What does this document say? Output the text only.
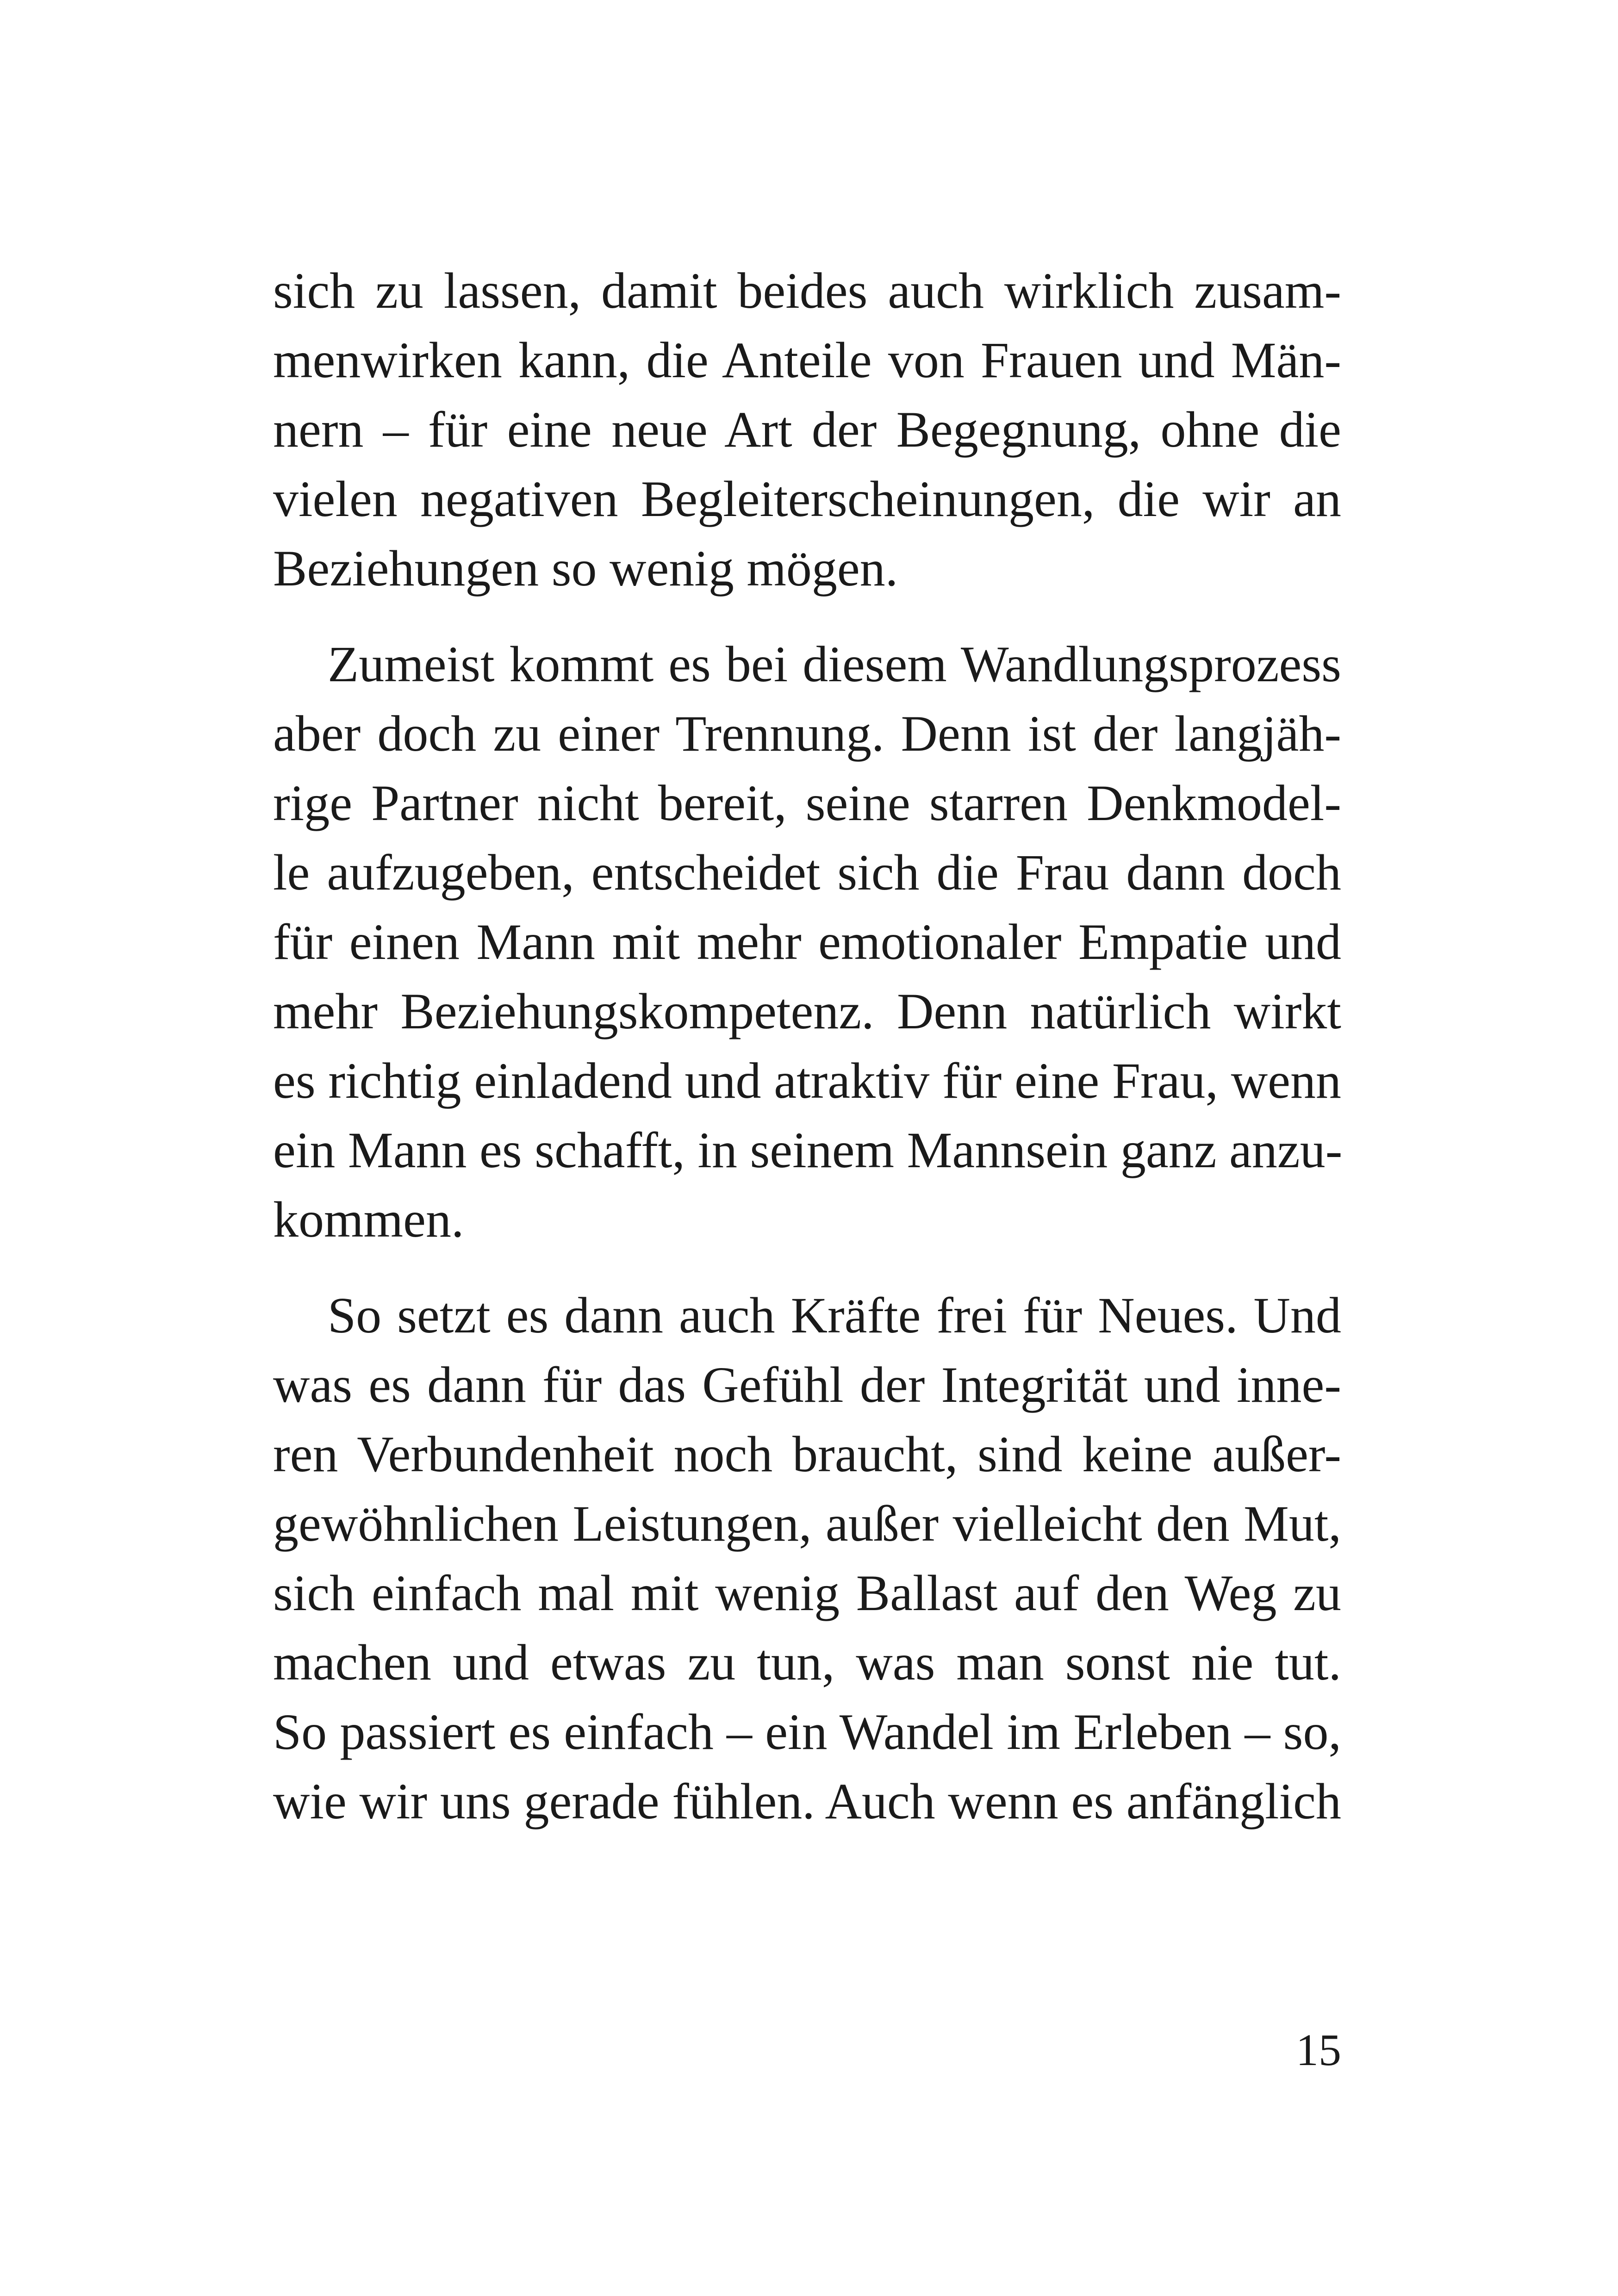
sich zu lassen, damit beides auch wirklich zusam-
menwirken kann, die Anteile von Frauen und Män-
nern – für eine neue Art der Begegnung, ohne die
vielen negativen Begleiterscheinungen, die wir an
Beziehungen so wenig mögen.

Zumeist kommt es bei diesem Wandlungsprozess
aber doch zu einer Trennung. Denn ist der langjäh-
rige Partner nicht bereit, seine starren Denkmodel-
le aufzugeben, entscheidet sich die Frau dann doch
für einen Mann mit mehr emotionaler Empatie und
mehr Beziehungskompetenz. Denn natürlich wirkt
es richtig einladend und atraktiv für eine Frau, wenn
ein Mann es schafft, in seinem Mannsein ganz anzu-
kommen.

So setzt es dann auch Kräfte frei für Neues. Und
was es dann für das Gefühl der Integrität und inne-
ren Verbundenheit noch braucht, sind keine außer-
gewöhnlichen Leistungen, außer vielleicht den Mut,
sich einfach mal mit wenig Ballast auf den Weg zu
machen und etwas zu tun, was man sonst nie tut.
So passiert es einfach – ein Wandel im Erleben – so,
wie wir uns gerade fühlen. Auch wenn es anfänglich

15
